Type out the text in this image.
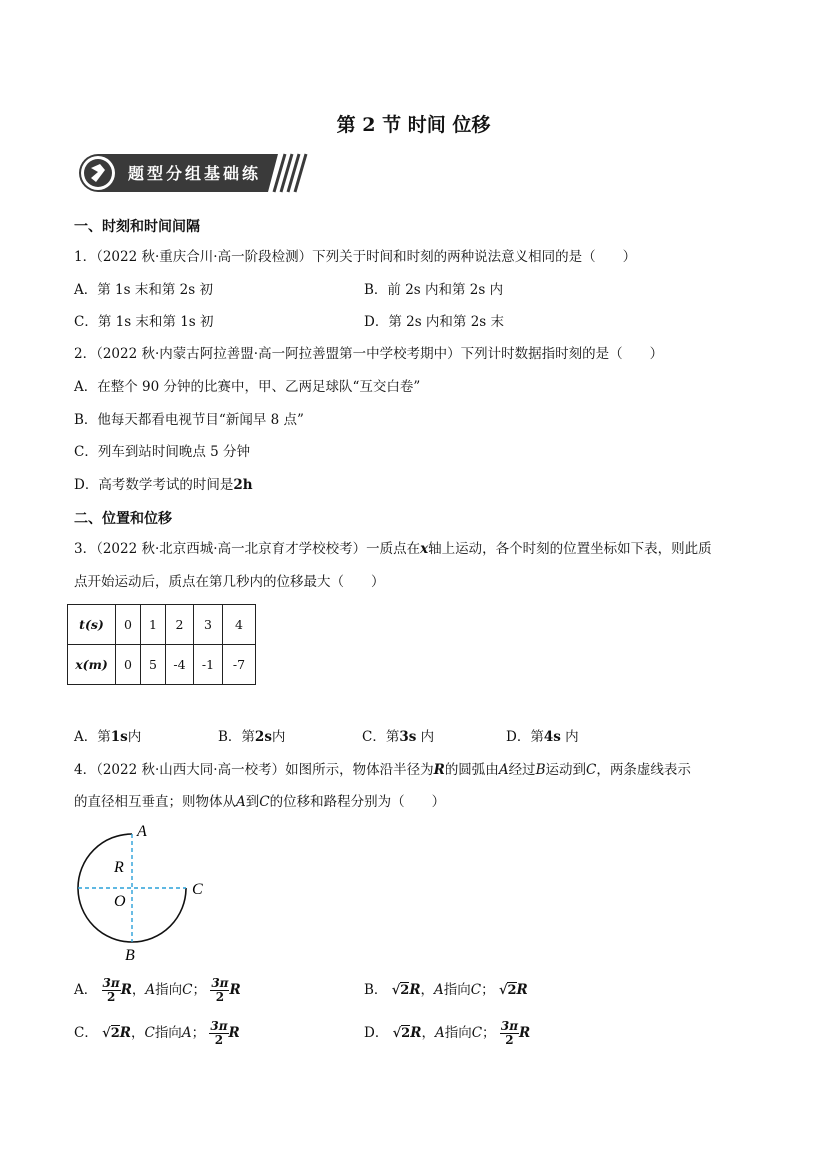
第 2 节 时间 位移
题型分组基础练
一、时刻和时间间隔
1．（2022 秋·重庆合川·高一阶段检测）下列关于时间和时刻的两种说法意义相同的是（　　）
A．第 1s 末和第 2s 初	B．前 2s 内和第 2s 内
C．第 1s 末和第 1s 初	D．第 2s 内和第 2s 末
2．（2022 秋·内蒙古阿拉善盟·高一阿拉善盟第一中学校考期中）下列计时数据指时刻的是（　　）
A．在整个 90 分钟的比赛中，甲、乙两足球队“互交白卷”
B．他每天都看电视节目“新闻早 8 点”
C．列车到站时间晚点 5 分钟
D．高考数学考试的时间是2h
二、位置和位移
3．（2022 秋·北京西城·高一北京育才学校校考）一质点在x轴上运动，各个时刻的位置坐标如下表，则此质
点开始运动后，质点在第几秒内的位移最大（　　）
t(s)	0	1	2	3	4
x(m)	0	5	-4	-1	-7
A．第1s内	B．第2s内	C．第3s 内	D．第4s 内
4．（2022 秋·山西大同·高一校考）如图所示，物体沿半径为R的圆弧由A经过B运动到C，两条虚线表示
的直径相互垂直；则物体从A到C的位移和路程分别为（　　）
A
R
O
C
B
A． $\frac{3\pi}{2}$ R，A指向C； $\frac{3\pi}{2}$ R	B． √2R，A指向C； √2R
C． √2R，C指向A； $\frac{3\pi}{2}$ R	D． √2R，A指向C； $\frac{3\pi}{2}$ R
